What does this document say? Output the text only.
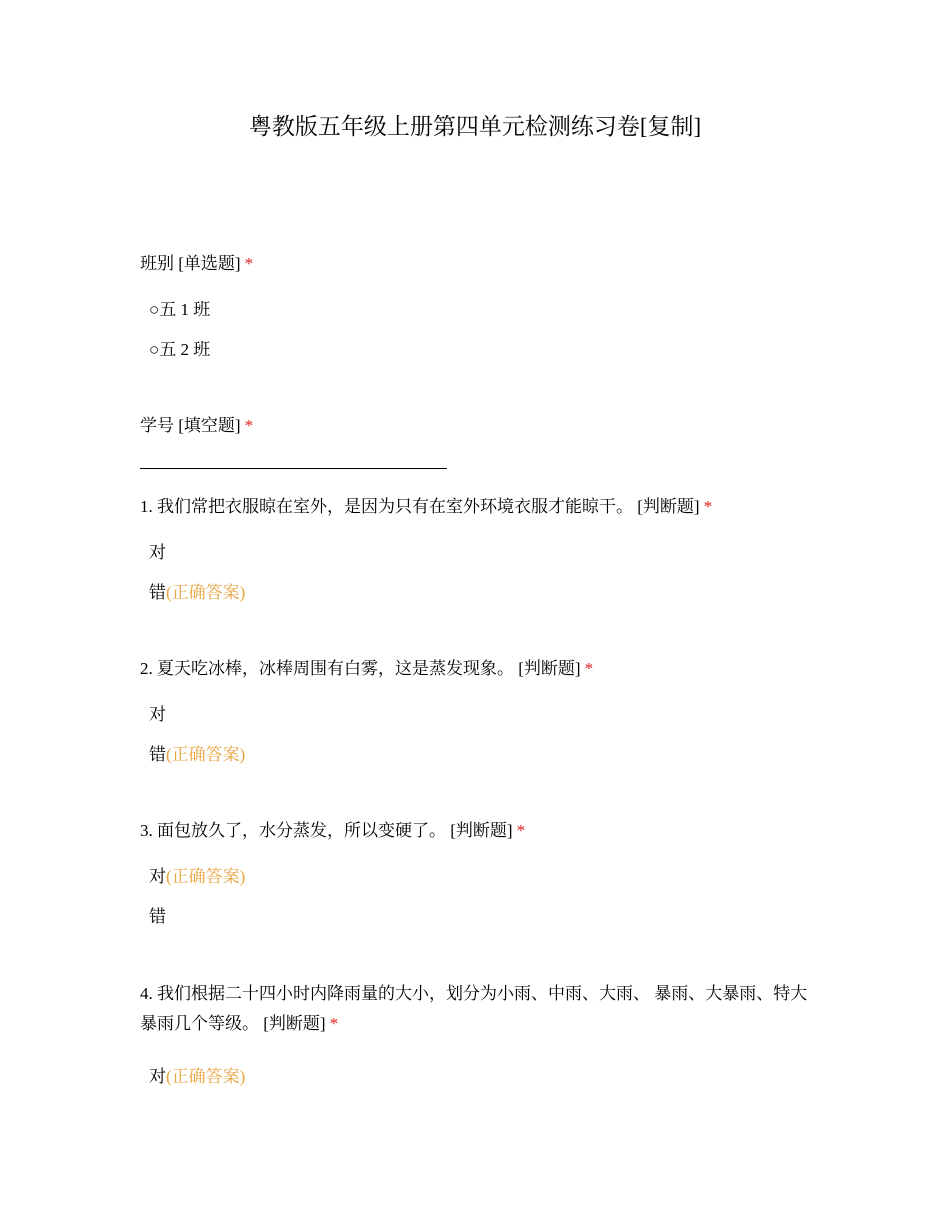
粤教版五年级上册第四单元检测练习卷[复制]
班别 [单选题] *
○五 1 班
○五 2 班
学号 [填空题] *
1. 我们常把衣服晾在室外，是因为只有在室外环境衣服才能晾干。 [判断题] *
对
错(正确答案)
2. 夏天吃冰棒，冰棒周围有白雾，这是蒸发现象。 [判断题] *
对
错(正确答案)
3. 面包放久了，水分蒸发，所以变硬了。 [判断题] *
对(正确答案)
错
4. 我们根据二十四小时内降雨量的大小，划分为小雨、中雨、大雨、 暴雨、大暴雨、特大暴雨几个等级。 [判断题] *
对(正确答案)
